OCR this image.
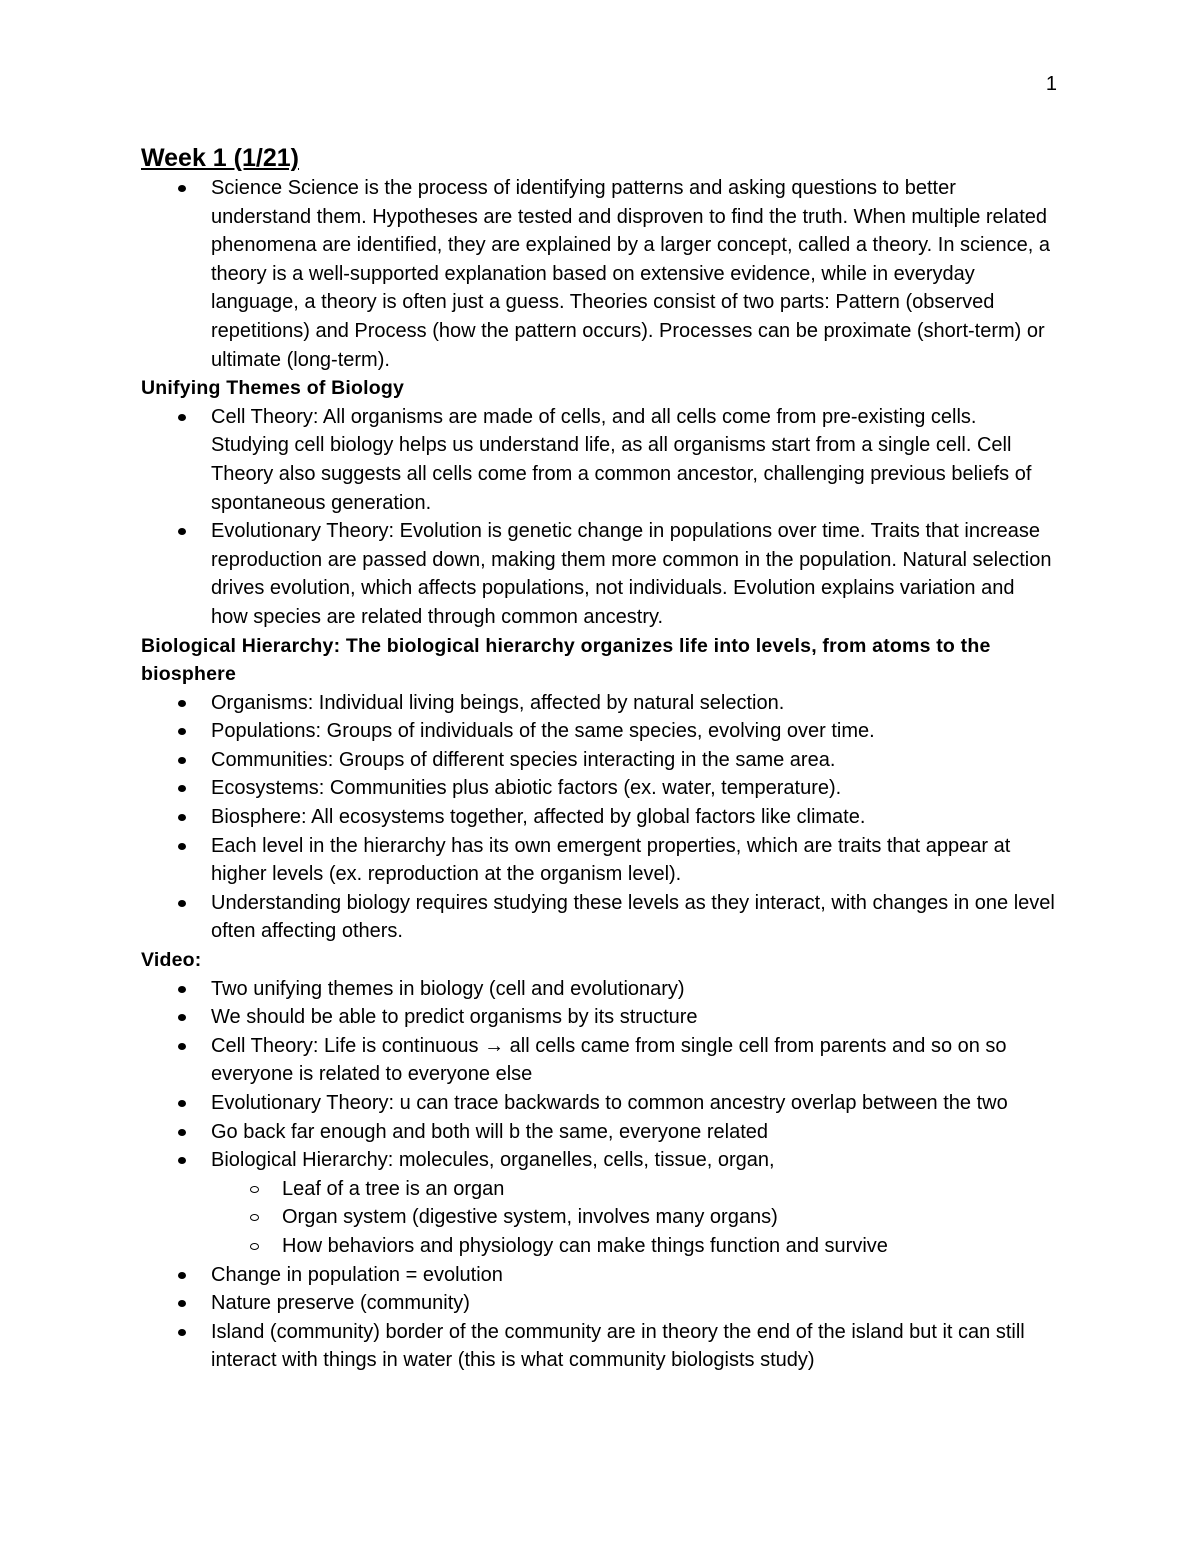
1
Week 1 (1/21)
Science Science is the process of identifying patterns and asking questions to better understand them. Hypotheses are tested and disproven to find the truth. When multiple related phenomena are identified, they are explained by a larger concept, called a theory. In science, a theory is a well-supported explanation based on extensive evidence, while in everyday language, a theory is often just a guess. Theories consist of two parts: Pattern (observed repetitions) and Process (how the pattern occurs). Processes can be proximate (short-term) or ultimate (long-term).
Unifying Themes of Biology
Cell Theory: All organisms are made of cells, and all cells come from pre-existing cells. Studying cell biology helps us understand life, as all organisms start from a single cell. Cell Theory also suggests all cells come from a common ancestor, challenging previous beliefs of spontaneous generation.
Evolutionary Theory: Evolution is genetic change in populations over time. Traits that increase reproduction are passed down, making them more common in the population. Natural selection drives evolution, which affects populations, not individuals. Evolution explains variation and how species are related through common ancestry.
Biological Hierarchy: The biological hierarchy organizes life into levels, from atoms to the biosphere
Organisms: Individual living beings, affected by natural selection.
Populations: Groups of individuals of the same species, evolving over time.
Communities: Groups of different species interacting in the same area.
Ecosystems: Communities plus abiotic factors (ex. water, temperature).
Biosphere: All ecosystems together, affected by global factors like climate.
Each level in the hierarchy has its own emergent properties, which are traits that appear at higher levels (ex. reproduction at the organism level).
Understanding biology requires studying these levels as they interact, with changes in one level often affecting others.
Video:
Two unifying themes in biology (cell and evolutionary)
We should be able to predict organisms by its structure
Cell Theory: Life is continuous → all cells came from single cell from parents and so on so everyone is related to everyone else
Evolutionary Theory: u can trace backwards to common ancestry overlap between the two
Go back far enough and both will b the same, everyone related
Biological Hierarchy: molecules, organelles, cells, tissue, organ,
Leaf of a tree is an organ
Organ system (digestive system, involves many organs)
How behaviors and physiology can make things function and survive
Change in population = evolution
Nature preserve (community)
Island (community) border of the community are in theory the end of the island but it can still interact with things in water (this is what community biologists study)
